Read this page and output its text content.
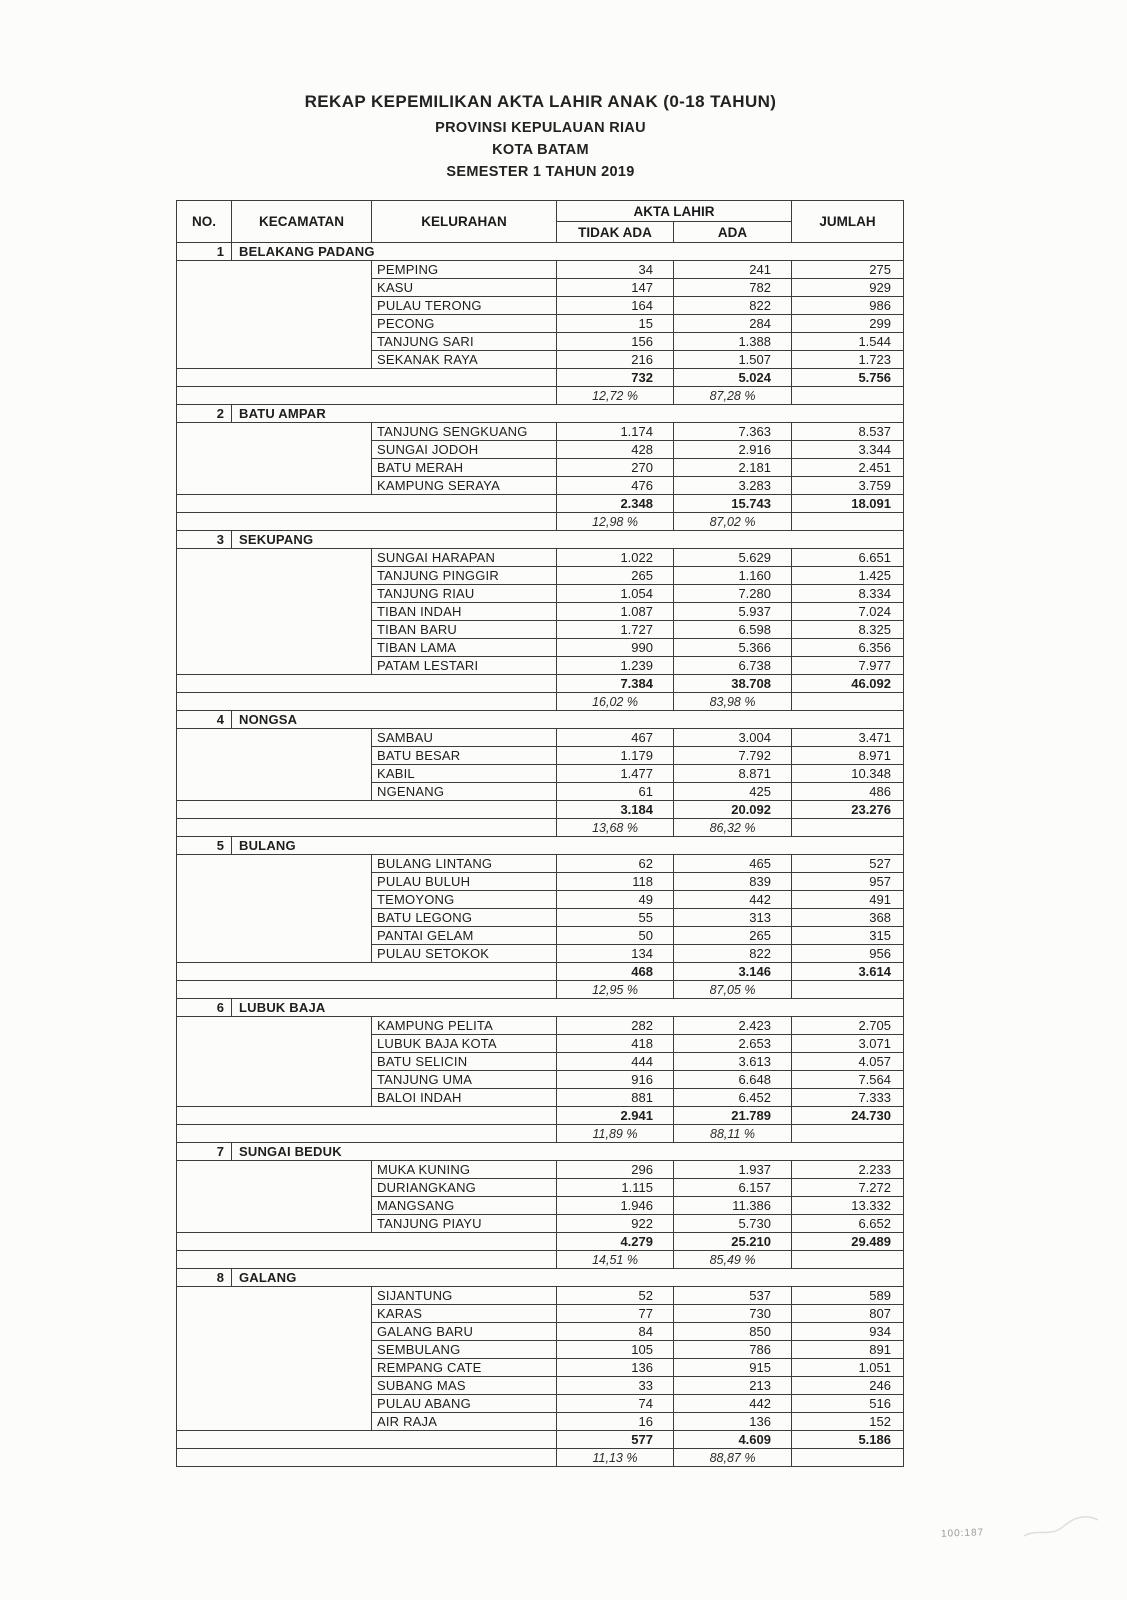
REKAP KEPEMILIKAN AKTA LAHIR ANAK (0-18 TAHUN)
PROVINSI KEPULAUAN RIAU
KOTA BATAM
SEMESTER 1 TAHUN 2019
NO.	KECAMATAN	KELURAHAN	AKTA LAHIR		JUMLAH
			TIDAK ADA	ADA	
1	BELAKANG PADANG				
		PEMPING	34	241	275
		KASU	147	782	929
		PULAU TERONG	164	822	986
		PECONG	15	284	299
		TANJUNG SARI	156	1.388	1.544
		SEKANAK RAYA	216	1.507	1.723
			732	5.024	5.756
			12,72 %	87,28 %	
2	BATU AMPAR				
		TANJUNG SENGKUANG	1.174	7.363	8.537
		SUNGAI JODOH	428	2.916	3.344
		BATU MERAH	270	2.181	2.451
		KAMPUNG SERAYA	476	3.283	3.759
			2.348	15.743	18.091
			12,98 %	87,02 %	
3	SEKUPANG				
		SUNGAI HARAPAN	1.022	5.629	6.651
		TANJUNG PINGGIR	265	1.160	1.425
		TANJUNG RIAU	1.054	7.280	8.334
		TIBAN INDAH	1.087	5.937	7.024
		TIBAN BARU	1.727	6.598	8.325
		TIBAN LAMA	990	5.366	6.356
		PATAM LESTARI	1.239	6.738	7.977
			7.384	38.708	46.092
			16,02 %	83,98 %	
4	NONGSA				
		SAMBAU	467	3.004	3.471
		BATU BESAR	1.179	7.792	8.971
		KABIL	1.477	8.871	10.348
		NGENANG	61	425	486
			3.184	20.092	23.276
			13,68 %	86,32 %	
5	BULANG				
		BULANG LINTANG	62	465	527
		PULAU BULUH	118	839	957
		TEMOYONG	49	442	491
		BATU LEGONG	55	313	368
		PANTAI GELAM	50	265	315
		PULAU SETOKOK	134	822	956
			468	3.146	3.614
			12,95 %	87,05 %	
6	LUBUK BAJA				
		KAMPUNG PELITA	282	2.423	2.705
		LUBUK BAJA KOTA	418	2.653	3.071
		BATU SELICIN	444	3.613	4.057
		TANJUNG UMA	916	6.648	7.564
		BALOI INDAH	881	6.452	7.333
			2.941	21.789	24.730
			11,89 %	88,11 %	
7	SUNGAI BEDUK				
		MUKA KUNING	296	1.937	2.233
		DURIANGKANG	1.115	6.157	7.272
		MANGSANG	1.946	11.386	13.332
		TANJUNG PIAYU	922	5.730	6.652
			4.279	25.210	29.489
			14,51 %	85,49 %	
8	GALANG				
		SIJANTUNG	52	537	589
		KARAS	77	730	807
		GALANG BARU	84	850	934
		SEMBULANG	105	786	891
		REMPANG CATE	136	915	1.051
		SUBANG MAS	33	213	246
		PULAU ABANG	74	442	516
		AIR RAJA	16	136	152
			577	4.609	5.186
			11,13 %	88,87 %	
100:187
